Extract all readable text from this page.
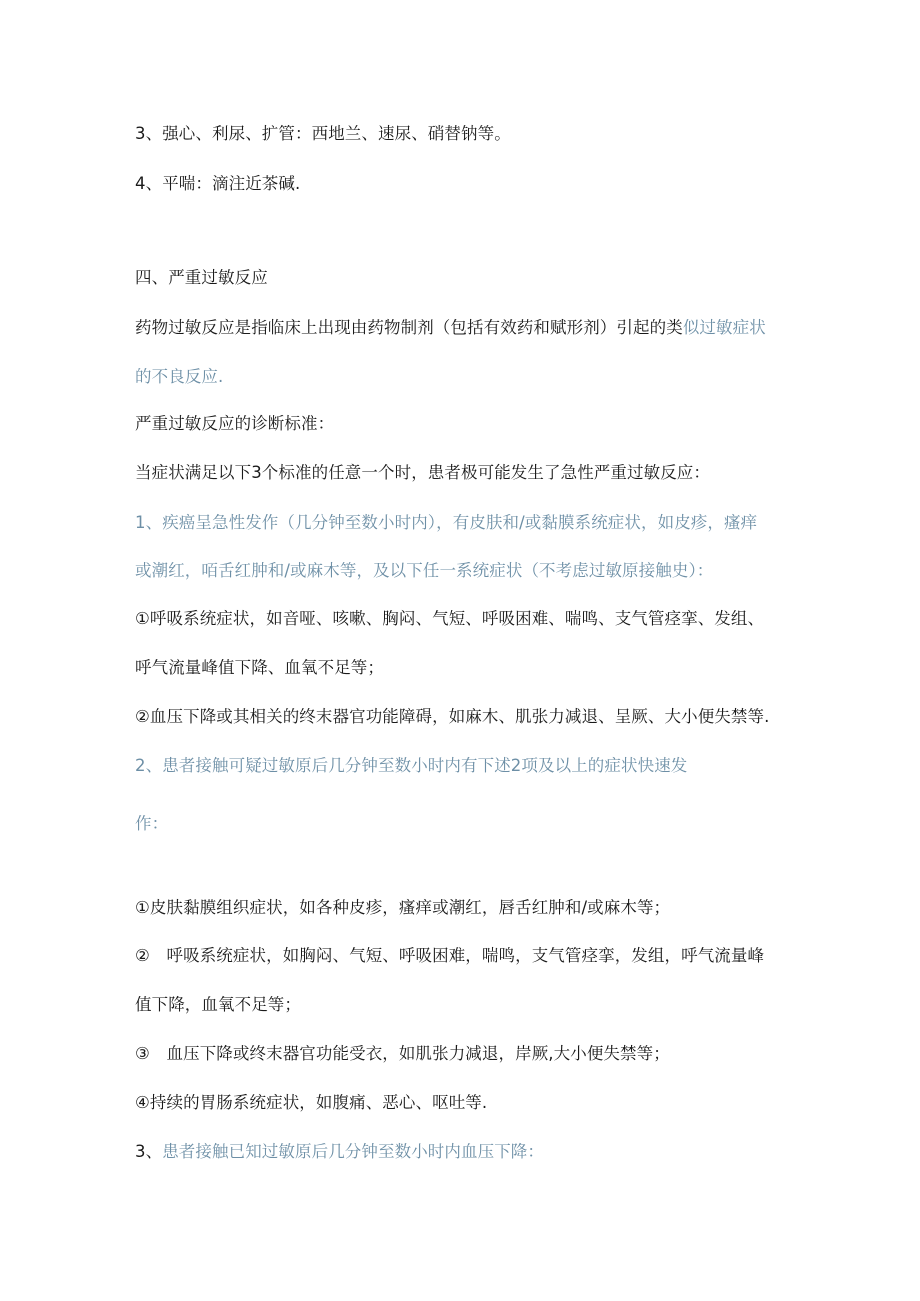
3、强心、利尿、扩管：西地兰、速尿、硝替钠等。
4、平喘：滴注近茶碱.
四、严重过敏反应
药物过敏反应是指临床上出现由药物制剂（包括有效药和赋形剂）引起的类似过敏症状
的不良反应.
严重过敏反应的诊断标准：
当症状满足以下3个标准的任意一个时，患者极可能发生了急性严重过敏反应：
1、疾癌呈急性发作（几分钟至数小时内），有皮肤和/或黏膜系统症状，如皮疹，瘙痒
或潮红，咟舌红肿和/或麻木等，及以下任一系统症状（不考虑过敏原接触史）：
①呼吸系统症状，如音哑、咳嗽、胸闷、气短、呼吸困难、喘鸣、支气管痉挛、发组、
呼气流量峰值下降、血氧不足等；
②血压下降或其相关的终末器官功能障碍，如麻木、肌张力减退、呈厥、大小便失禁等.
2、患者接触可疑过敏原后几分钟至数小时内有下述2项及以上的症状快速发
作：
①皮肤黏膜组织症状，如各种皮疹，瘙痒或潮红，唇舌红肿和/或麻木等；
②　呼吸系统症状，如胸闷、气短、呼吸困难，喘鸣，支气管痉挛，发组，呼气流量峰
值下降，血氧不足等；
③　血压下降或终末器官功能受衣，如肌张力减退，岸厥,大小便失禁等；
④持续的胃肠系统症状，如腹痛、恶心、呕吐等.
3、患者接触已知过敏原后几分钟至数小时内血压下降：
